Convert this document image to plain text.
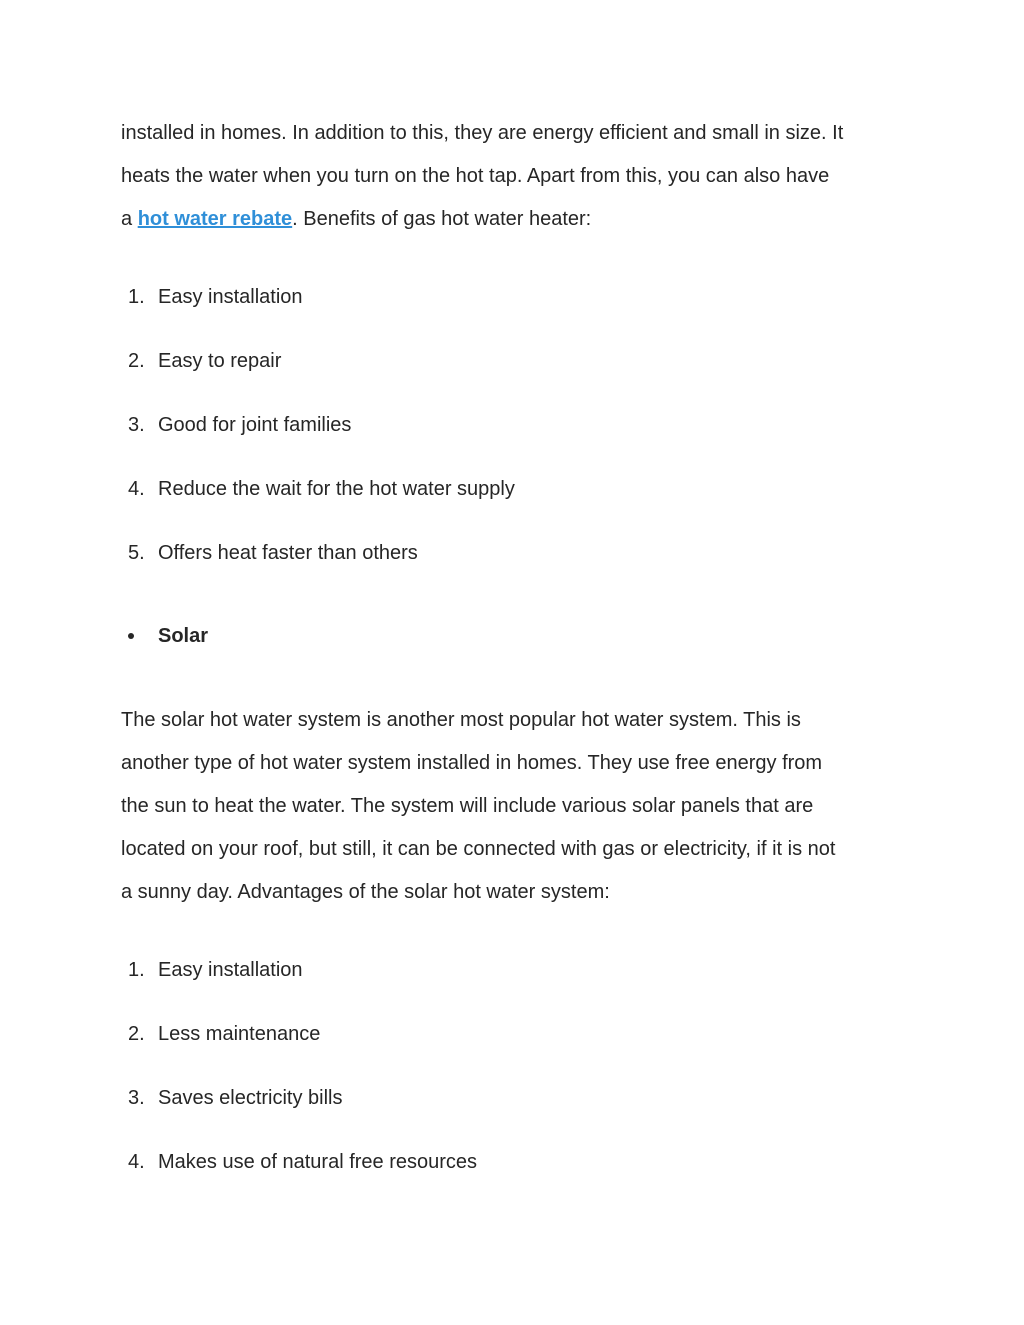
installed in homes. In addition to this, they are energy efficient and small in size. It
heats the water when you turn on the hot tap. Apart from this, you can also have
a hot water rebate. Benefits of gas hot water heater:

1. Easy installation
2. Easy to repair
3. Good for joint families
4. Reduce the wait for the hot water supply
5. Offers heat faster than others
Solar

The solar hot water system is another most popular hot water system. This is
another type of hot water system installed in homes. They use free energy from
the sun to heat the water. The system will include various solar panels that are
located on your roof, but still, it can be connected with gas or electricity, if it is not
a sunny day. Advantages of the solar hot water system:

1. Easy installation
2. Less maintenance
3. Saves electricity bills
4. Makes use of natural free resources
